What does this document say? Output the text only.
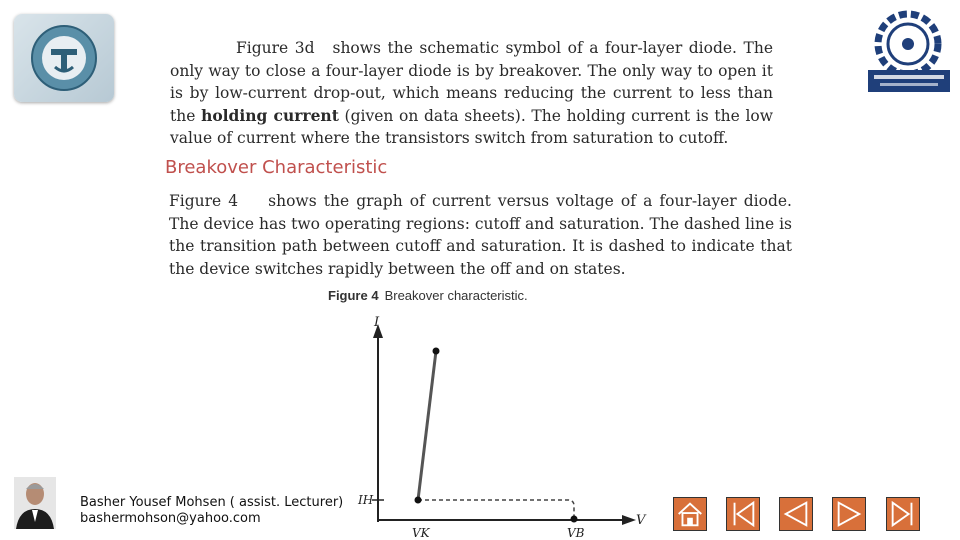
Figure 3d shows the schematic symbol of a four-layer diode. The only way to close a four-layer diode is by breakover. The only way to open it is by low-current drop-out, which means reducing the current to less than the holding current (given on data sheets). The holding current is the low value of current where the transistors switch from saturation to cutoff.
Breakover Characteristic
Figure 4 shows the graph of current versus voltage of a four-layer diode. The device has two operating regions: cutoff and saturation. The dashed line is the transition path between cutoff and saturation. It is dashed to indicate that the device switches rapidly between the off and on states.
Figure 4 Breakover characteristic.
I
V
IH
VK	VB
Basher Yousef Mohsen ( assist. Lecturer)
bashermohson@yahoo.com
